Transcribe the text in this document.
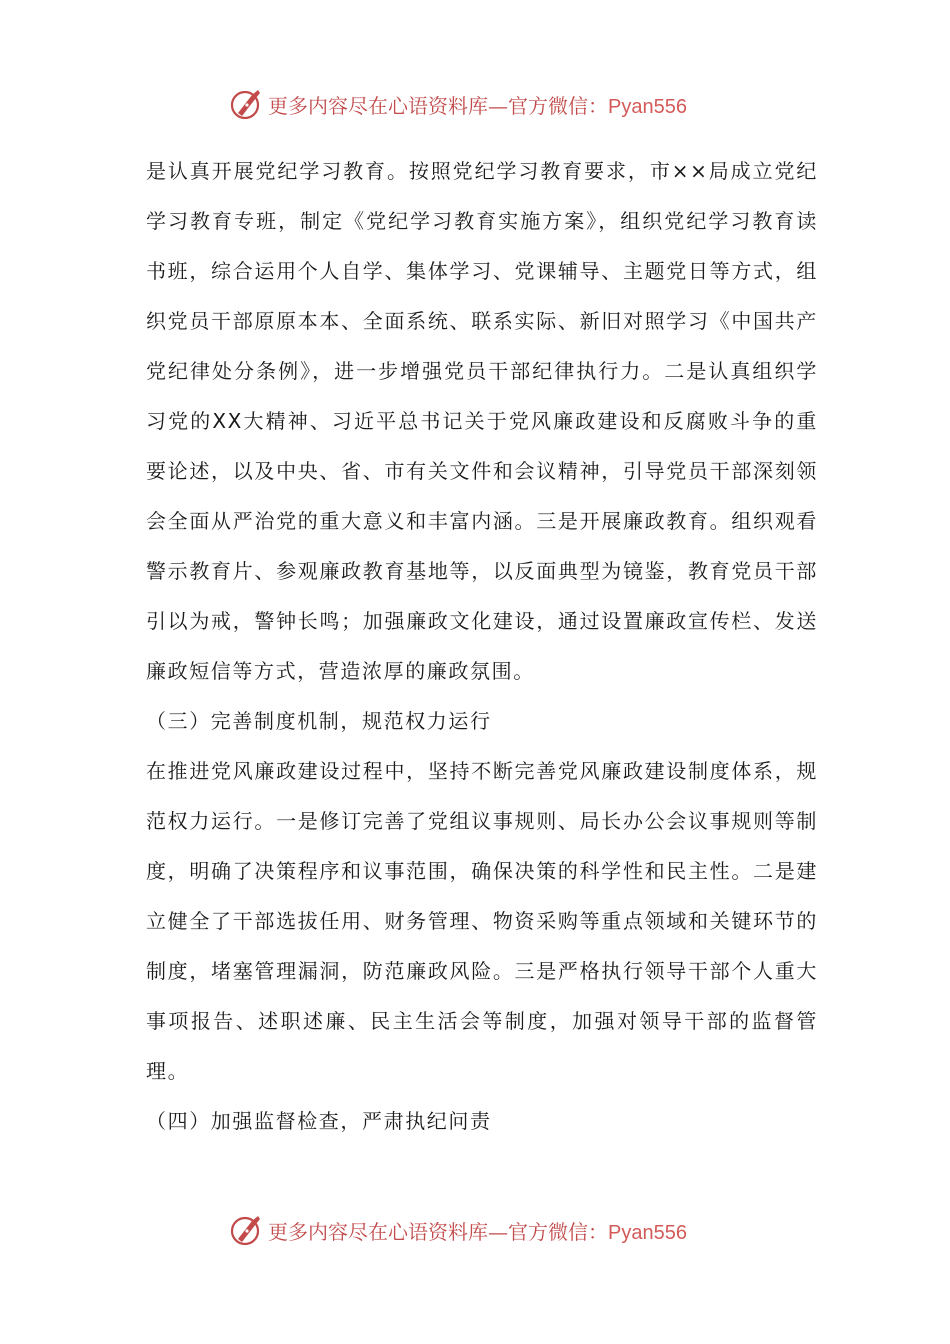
更多内容尽在心语资料库—官方微信：Pyan556

是认真开展党纪学习教育。按照党纪学习教育要求，市××局成立党纪学习教育专班，制定《党纪学习教育实施方案》，组织党纪学习教育读书班，综合运用个人自学、集体学习、党课辅导、主题党日等方式，组织党员干部原原本本、全面系统、联系实际、新旧对照学习《中国共产党纪律处分条例》，进一步增强党员干部纪律执行力。二是认真组织学习党的XX大精神、习近平总书记关于党风廉政建设和反腐败斗争的重要论述，以及中央、省、市有关文件和会议精神，引导党员干部深刻领会全面从严治党的重大意义和丰富内涵。三是开展廉政教育。组织观看警示教育片、参观廉政教育基地等，以反面典型为镜鉴，教育党员干部引以为戒，警钟长鸣；加强廉政文化建设，通过设置廉政宣传栏、发送廉政短信等方式，营造浓厚的廉政氛围。

（三）完善制度机制，规范权力运行

在推进党风廉政建设过程中，坚持不断完善党风廉政建设制度体系，规范权力运行。一是修订完善了党组议事规则、局长办公会议事规则等制度，明确了决策程序和议事范围，确保决策的科学性和民主性。二是建立健全了干部选拔任用、财务管理、物资采购等重点领域和关键环节的制度，堵塞管理漏洞，防范廉政风险。三是严格执行领导干部个人重大事项报告、述职述廉、民主生活会等制度，加强对领导干部的监督管理。

（四）加强监督检查，严肃执纪问责

更多内容尽在心语资料库—官方微信：Pyan556
